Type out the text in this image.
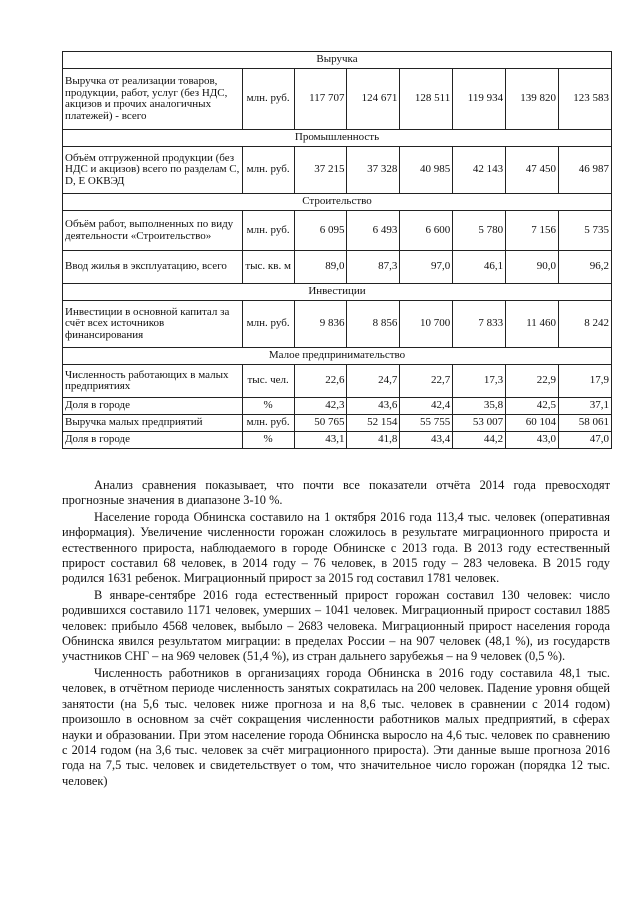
Выручка							
Выручка от реализации товаров, продукции, работ, услуг (без НДС, акцизов и прочих аналогичных платежей) - всего	млн. руб.	117 707	124 671	128 511	119 934	139 820	123 583
Промышленность							
Объём отгруженной продукции (без НДС и акцизов) всего по разделам С, D, E ОКВЭД	млн. руб.	37 215	37 328	40 985	42 143	47 450	46 987
Строительство							
Объём работ, выполненных по виду деятельности «Строительство»	млн. руб.	6 095	6 493	6 600	5 780	7 156	5 735
Ввод жилья в эксплуатацию, всего	тыс. кв. м	89,0	87,3	97,0	46,1	90,0	96,2
Инвестиции							
Инвестиции в основной капитал за счёт всех источников финансирования	млн. руб.	9 836	8 856	10 700	7 833	11 460	8 242
Малое предпринимательство							
Численность работающих в малых предприятиях	тыс. чел.	22,6	24,7	22,7	17,3	22,9	17,9
Доля в городе	%	42,3	43,6	42,4	35,8	42,5	37,1
Выручка малых предприятий	млн. руб.	50 765	52 154	55 755	53 007	60 104	58 061
Доля в городе	%	43,1	41,8	43,4	44,2	43,0	47,0

Анализ сравнения показывает, что почти все показатели отчёта 2014 года превосходят прогнозные значения в диапазоне 3-10 %.

Население города Обнинска составило на 1 октября 2016 года 113,4 тыс. человек (оперативная информация). Увеличение численности горожан сложилось в результате миграционного прироста и естественного прироста, наблюдаемого в городе Обнинске с 2013 года. В 2013 году естественный прирост составил 68 человек, в 2014 году – 76 человек, в 2015 году – 283 человека. В 2015 году родился 1631 ребенок. Миграционный прирост за 2015 год составил 1781 человек.

В январе-сентябре 2016 года естественный прирост горожан составил 130 человек: число родившихся составило 1171 человек, умерших – 1041 человек. Миграционный прирост составил 1885 человек: прибыло 4568 человек, выбыло – 2683 человека. Миграционный прирост населения города Обнинска явился результатом миграции: в пределах России – на 907 человек (48,1 %), из государств участников СНГ – на 969 человек (51,4 %), из стран дальнего зарубежья – на 9 человек (0,5 %).

Численность работников в организациях города Обнинска в 2016 году составила 48,1 тыс. человек, в отчётном периоде численность занятых сократилась на 200 человек. Падение уровня общей занятости (на 5,6 тыс. человек ниже прогноза и на 8,6 тыс. человек в сравнении с 2014 годом) произошло в основном за счёт сокращения численности работников малых предприятий, в сферах науки и образовании. При этом население города Обнинска выросло на 4,6 тыс. человек по сравнению с 2014 годом (на 3,6 тыс. человек за счёт миграционного прироста). Эти данные выше прогноза 2016 года на 7,5 тыс. человек и свидетельствует о том, что значительное число горожан (порядка 12 тыс. человек)
